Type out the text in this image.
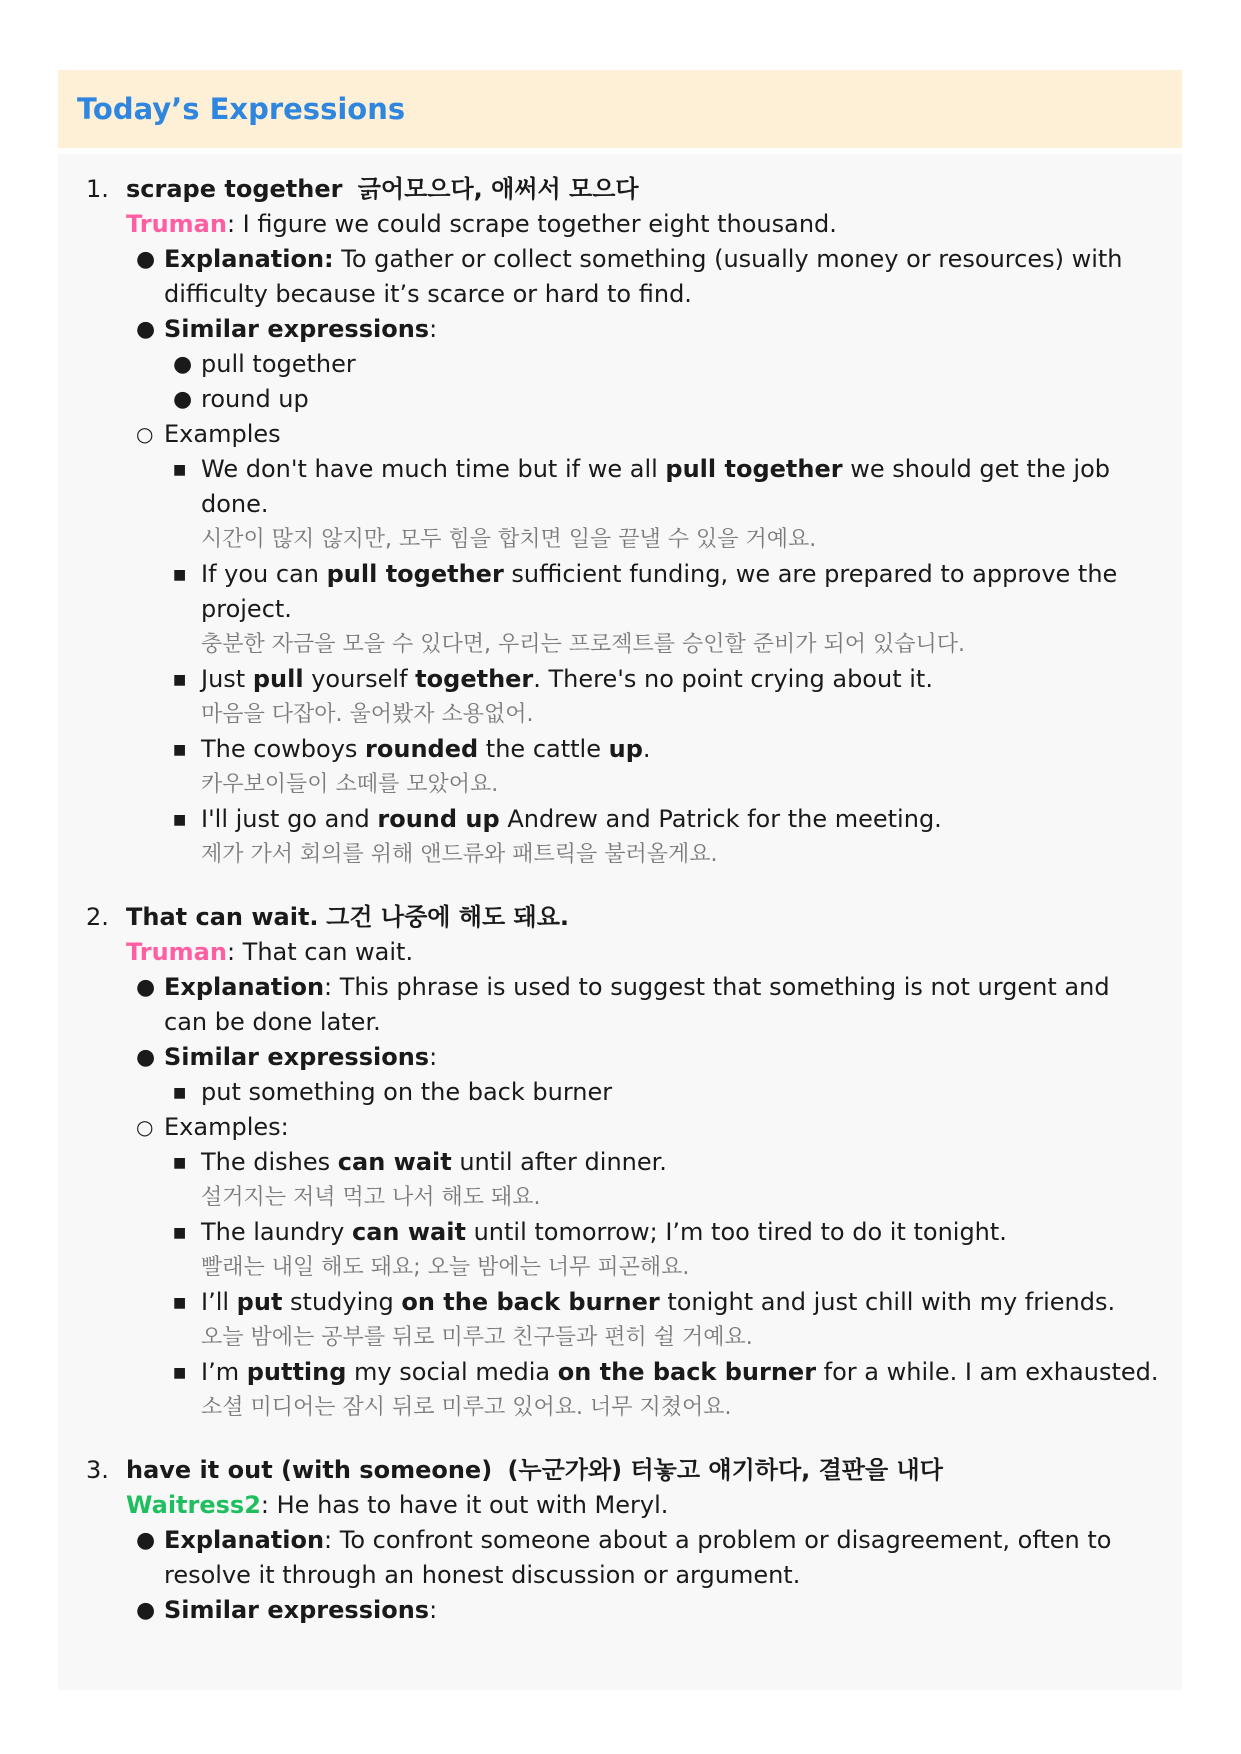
Today’s Expressions
1. scrape together 긁어모으다, 애써서 모으다
Truman: I figure we could scrape together eight thousand.
● Explanation: To gather or collect something (usually money or resources) with difficulty because it’s scarce or hard to find.
● Similar expressions:
● pull together
● round up
○ Examples
■ We don't have much time but if we all pull together we should get the job done.
시간이 많지 않지만, 모두 힘을 합치면 일을 끝낼 수 있을 거예요.
■ If you can pull together sufficient funding, we are prepared to approve the project.
충분한 자금을 모을 수 있다면, 우리는 프로젝트를 승인할 준비가 되어 있습니다.
■ Just pull yourself together. There's no point crying about it.
마음을 다잡아. 울어봤자 소용없어.
■ The cowboys rounded the cattle up.
카우보이들이 소떼를 모았어요.
■ I'll just go and round up Andrew and Patrick for the meeting.
제가 가서 회의를 위해 앤드류와 패트릭을 불러올게요.
2. That can wait. 그건 나중에 해도 돼요.
Truman: That can wait.
● Explanation: This phrase is used to suggest that something is not urgent and can be done later.
● Similar expressions:
■ put something on the back burner
○ Examples:
■ The dishes can wait until after dinner.
설거지는 저녁 먹고 나서 해도 돼요.
■ The laundry can wait until tomorrow; I’m too tired to do it tonight.
빨래는 내일 해도 돼요; 오늘 밤에는 너무 피곤해요.
■ I’ll put studying on the back burner tonight and just chill with my friends.
오늘 밤에는 공부를 뒤로 미루고 친구들과 편히 쉴 거예요.
■ I’m putting my social media on the back burner for a while. I am exhausted.
소셜 미디어는 잠시 뒤로 미루고 있어요. 너무 지쳤어요.
3. have it out (with someone) (누군가와) 터놓고 얘기하다, 결판을 내다
Waitress2: He has to have it out with Meryl.
● Explanation: To confront someone about a problem or disagreement, often to resolve it through an honest discussion or argument.
● Similar expressions:
